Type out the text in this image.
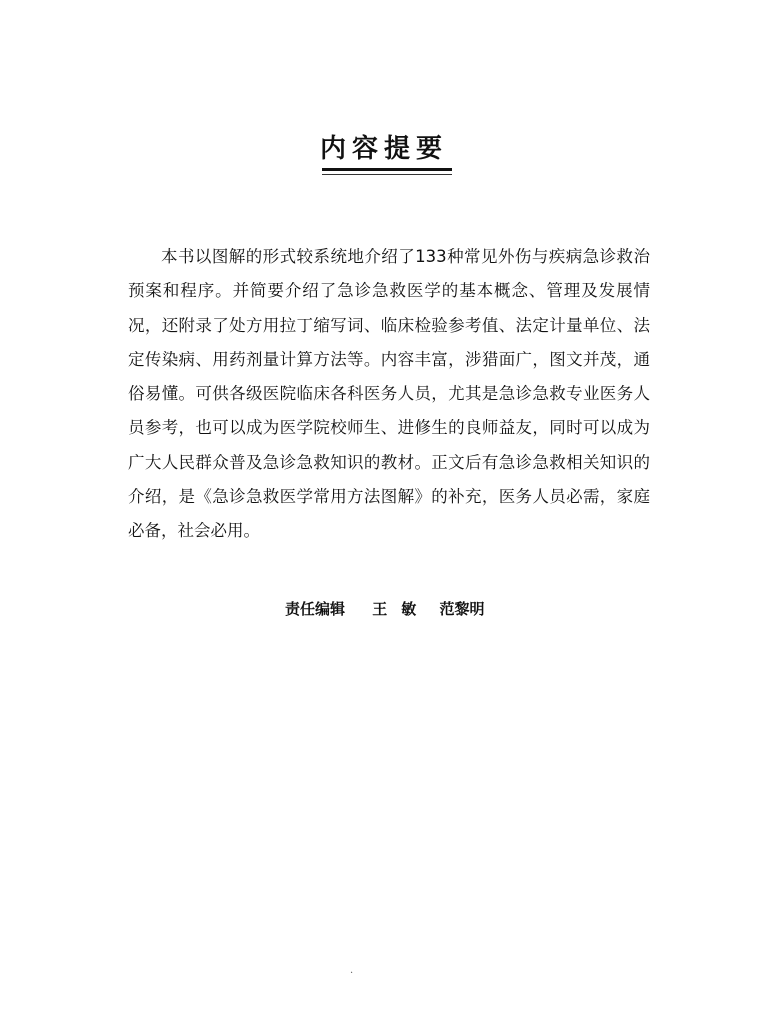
内容提要

本书以图解的形式较系统地介绍了133种常见外伤与疾病急诊救治预案和程序。并简要介绍了急诊急救医学的基本概念、管理及发展情况，还附录了处方用拉丁缩写词、临床检验参考值、法定计量单位、法定传染病、用药剂量计算方法等。内容丰富，涉猎面广，图文并茂，通俗易懂。可供各级医院临床各科医务人员，尤其是急诊急救专业医务人员参考，也可以成为医学院校师生、进修生的良师益友，同时可以成为广大人民群众普及急诊急救知识的教材。正文后有急诊急救相关知识的介绍，是《急诊急救医学常用方法图解》的补充，医务人员必需，家庭必备，社会必用。

责任编辑 王敏 范黎明
·
